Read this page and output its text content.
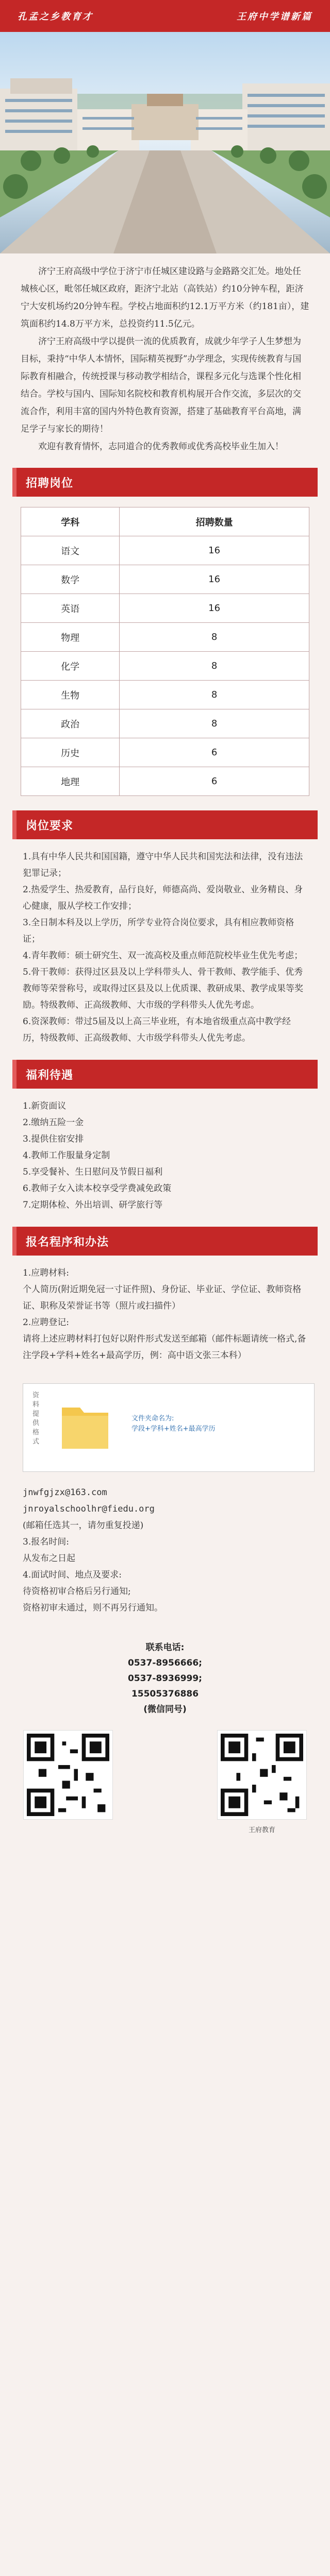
孔孟之乡教育才	王府中学谱新篇

济宁王府高级中学位于济宁市任城区建设路与金路路交汇处。地处任城核心区，毗邻任城区政府，距济宁北站（高铁站）约10分钟车程，距济宁大安机场约20分钟车程。学校占地面积约12.1万平方米（约181亩），建筑面积约14.8万平方米，总投资约11.5亿元。

济宁王府高级中学以提供一流的优质教育，成就少年学子人生梦想为目标，秉持“中华人本情怀，国际精英视野”办学理念，实现传统教育与国际教育相融合，传统授课与移动教学相结合，课程多元化与选课个性化相结合。学校与国内、国际知名院校和教育机构展开合作交流，多层次的交流合作，利用丰富的国内外特色教育资源，搭建了基础教育平台高地，满足学子与家长的期待！

欢迎有教育情怀，志同道合的优秀教师或优秀高校毕业生加入！

招聘岗位
学科	招聘数量
语文	16
数学	16
英语	16
物理	8
化学	8
生物	8
政治	8
历史	6
地理	6
岗位要求

1.具有中华人民共和国国籍，遵守中华人民共和国宪法和法律，没有违法犯罪记录；

2.热爱学生、热爱教育，品行良好，师德高尚、爱岗敬业、业务精良、身心健康，服从学校工作安排；

3.全日制本科及以上学历，所学专业符合岗位要求，具有相应教师资格证；

4.青年教师：硕士研究生、双一流高校及重点师范院校毕业生优先考虑；

5.骨干教师：获得过区县及以上学科带头人、骨干教师、教学能手、优秀教师等荣誉称号，或取得过区县及以上优质课、教研成果、教学成果等奖励。特级教师、正高级教师、大市级的学科带头人优先考虑。

6.资深教师：带过5届及以上高三毕业班，有本地省级重点高中教学经历，特级教师、正高级教师、大市级学科带头人优先考虑。

福利待遇

1.新资面议

2.缴纳五险一金

3.提供住宿安排

4.教师工作服量身定制

5.享受餐补、生日慰问及节假日福利

6.教师子女入读本校享受学费减免政策

7.定期体检、外出培训、研学旅行等

报名程序和办法

1.应聘材料:

个人简历(附近期免冠一寸证件照)、身份证、毕业证、学位证、教师资格证、职称及荣誉证书等（照片或扫描件）

2.应聘登记:

请将上述应聘材料打包好以附件形式发送至邮箱（邮件标题请统一格式,备注学段+学科+姓名+最高学历，例：高中语文张三本科）

资料提供格式
文件夹命名为:
学段+学科+姓名+最高学历

jnwfgjzx@163.com

jnroyalschoolhr@fiedu.org

(邮箱任选其一，请勿重复投递)

3.报名时间:

从发布之日起

4.面试时间、地点及要求:

待资格初审合格后另行通知;

资格初审未通过，则不再另行通知。

联系电话:
0537-8956666;
0537-8936999;
15505376886
(微信同号)
王府教育
